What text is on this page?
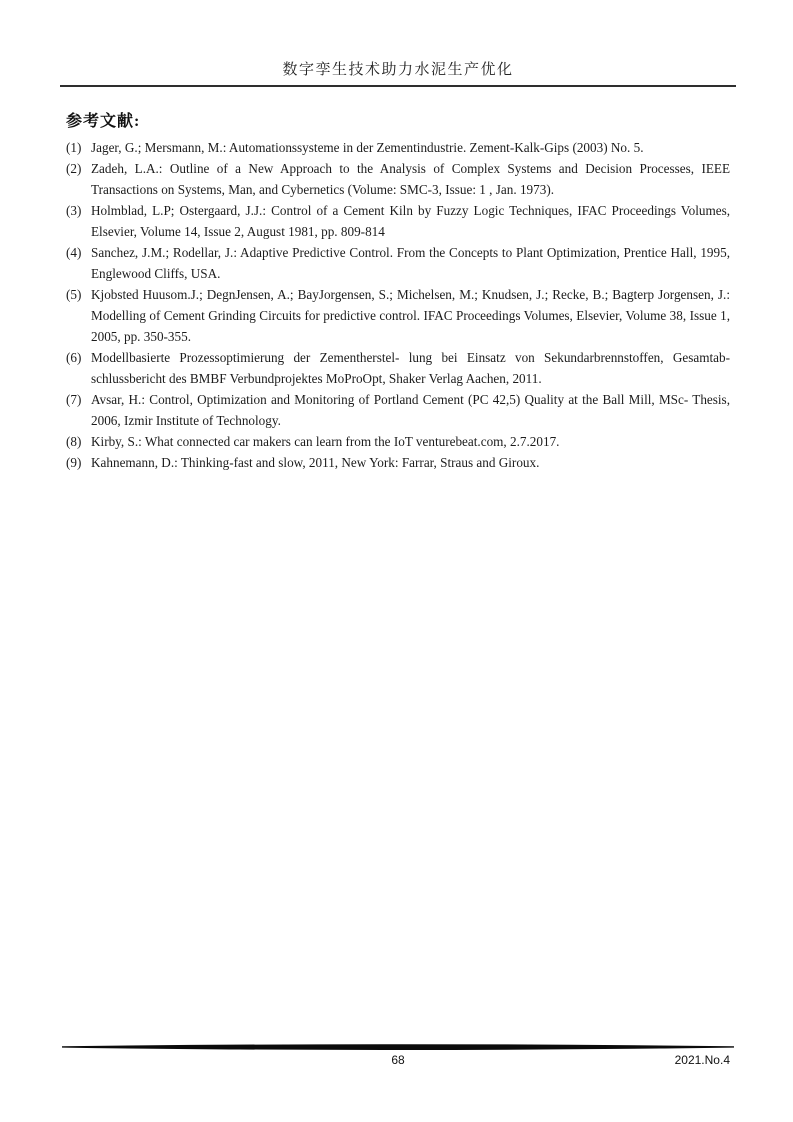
数字孪生技术助力水泥生产优化
参考文献:
(1) Jager, G.; Mersmann, M.: Automationssysteme in der Zementindustrie. Zement-Kalk-Gips (2003) No. 5.
(2) Zadeh, L.A.: Outline of a New Approach to the Analysis of Complex Systems and Decision Processes, IEEE Transactions on Systems, Man, and Cybernetics (Volume: SMC-3, Issue: 1 , Jan. 1973).
(3) Holmblad, L.P; Ostergaard, J.J.: Control of a Cement Kiln by Fuzzy Logic Techniques, IFAC Proceedings Volumes, Elsevier, Volume 14, Issue 2, August 1981, pp. 809-814
(4) Sanchez, J.M.; Rodellar, J.: Adaptive Predictive Control. From the Concepts to Plant Optimization, Prentice Hall, 1995, Englewood Cliffs, USA.
(5) Kjobsted Huusom.J.; DegnJensen, A.; BayJorgensen, S.; Michelsen, M.; Knudsen, J.; Recke, B.; Bagterp Jorgensen, J.: Modelling of Cement Grinding Circuits for predictive control. IFAC Proceedings Volumes, Elsevier, Volume 38, Issue 1, 2005, pp. 350-355.
(6) Modellbasierte Prozessoptimierung der Zementherstel- lung bei Einsatz von Sekundarbrennstoffen, Gesamtab- schlussbericht des BMBF Verbundprojektes MoProOpt, Shaker Verlag Aachen, 2011.
(7) Avsar, H.: Control, Optimization and Monitoring of Portland Cement (PC 42,5) Quality at the Ball Mill, MSc- Thesis, 2006, Izmir Institute of Technology.
(8) Kirby, S.: What connected car makers can learn from the IoT venturebeat.com, 2.7.2017.
(9) Kahnemann, D.: Thinking-fast and slow, 2011, New York: Farrar, Straus and Giroux.
68	2021.No.4
